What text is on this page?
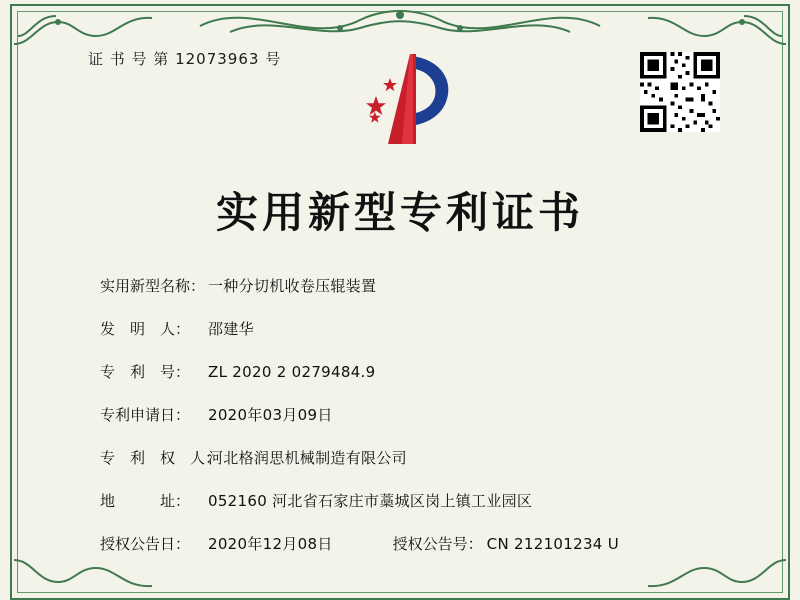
证 书 号 第 12073963 号
实用新型专利证书
实用新型名称： 一种分切机收卷压辊装置
发　明　人：	邵建华
专　利　号：	ZL 2020 2 0279484.9
专利申请日：	2020年03月09日
专　利　权　人：
河北格润思机械制造有限公司
地　　　址：	052160 河北省石家庄市藁城区岗上镇工业园区
授权公告日：	2020年12月08日	授权公告号： CN 212101234 U
